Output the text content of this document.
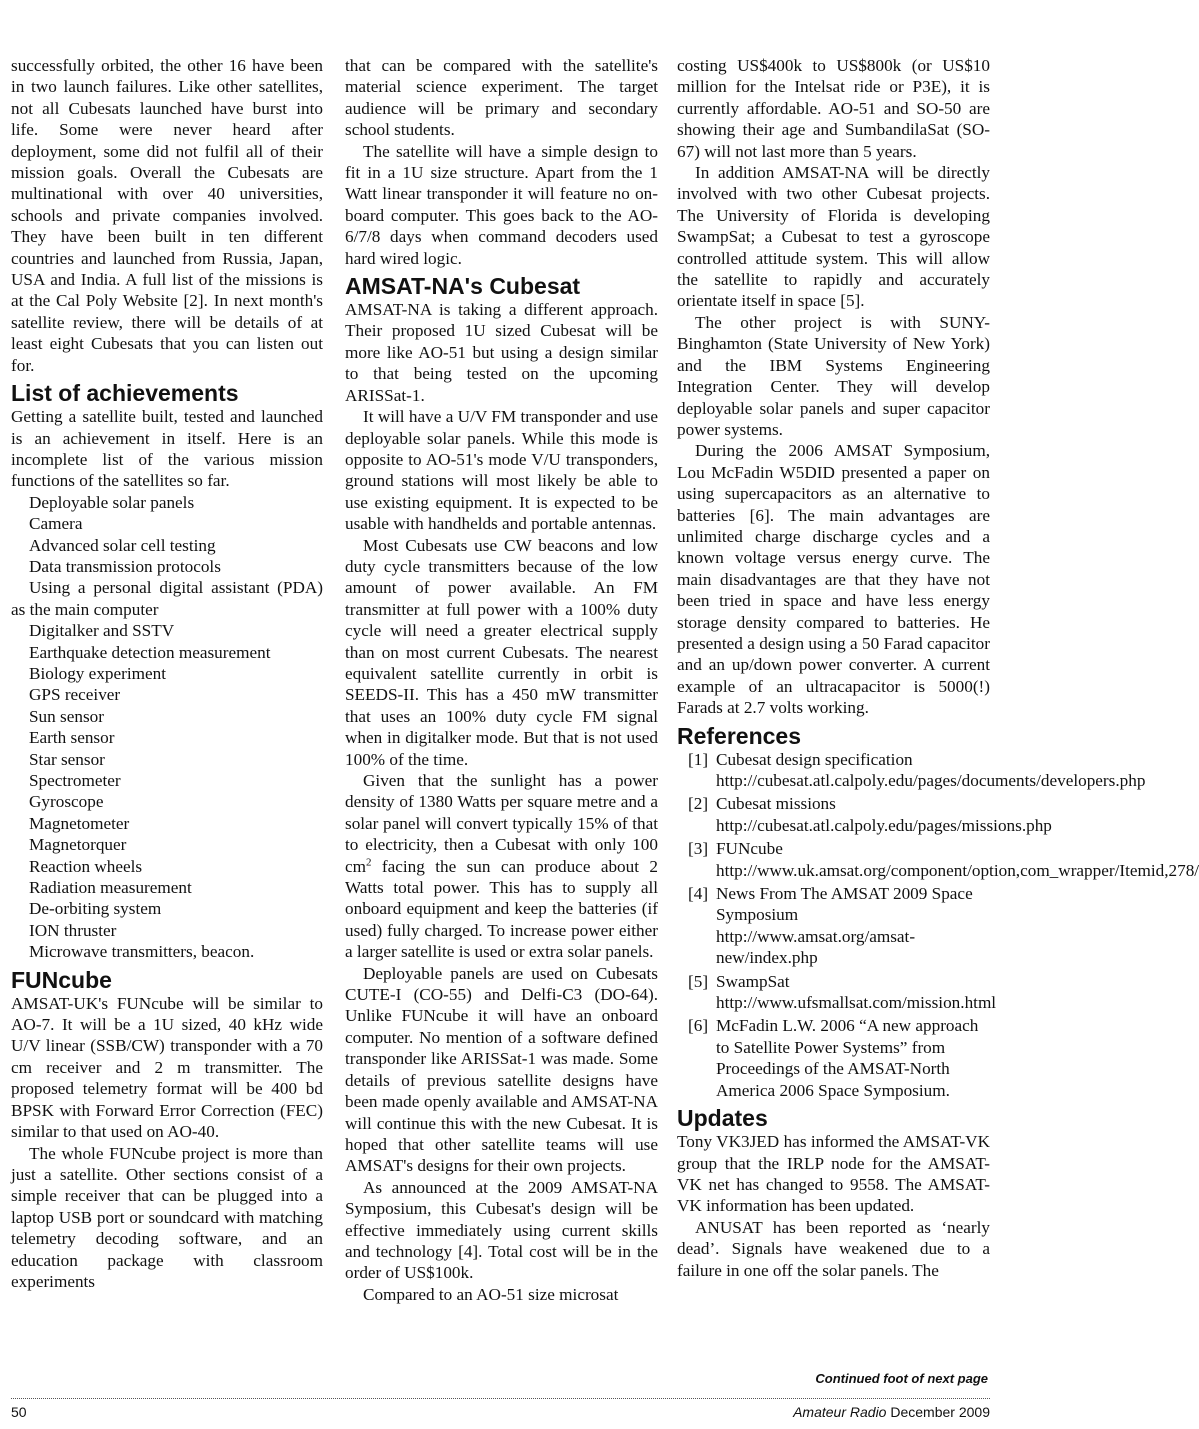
successfully orbited, the other 16 have been in two launch failures. Like other satellites, not all Cubesats launched have burst into life. Some were never heard after deployment, some did not fulfil all of their mission goals. Overall the Cubesats are multinational with over 40 universities, schools and private companies involved. They have been built in ten different countries and launched from Russia, Japan, USA and India. A full list of the missions is at the Cal Poly Website [2]. In next month's satellite review, there will be details of at least eight Cubesats that you can listen out for.

List of achievements

Getting a satellite built, tested and launched is an achievement in itself. Here is an incomplete list of the various mission functions of the satellites so far.

Deployable solar panels
Camera
Advanced solar cell testing
Data transmission protocols
Using a personal digital assistant (PDA) as the main computer
Digitalker and SSTV
Earthquake detection measurement
Biology experiment
GPS receiver
Sun sensor
Earth sensor
Star sensor
Spectrometer
Gyroscope
Magnetometer
Magnetorquer
Reaction wheels
Radiation measurement
De-orbiting system
ION thruster
Microwave transmitters, beacon.
FUNcube

AMSAT-UK's FUNcube will be similar to AO-7. It will be a 1U sized, 40 kHz wide U/V linear (SSB/CW) transponder with a 70 cm receiver and 2 m transmitter. The proposed telemetry format will be 400 bd BPSK with Forward Error Correction (FEC) similar to that used on AO-40.

The whole FUNcube project is more than just a satellite. Other sections consist of a simple receiver that can be plugged into a laptop USB port or soundcard with matching telemetry decoding software, and an education package with classroom experiments

that can be compared with the satellite's material science experiment. The target audience will be primary and secondary school students.

The satellite will have a simple design to fit in a 1U size structure. Apart from the 1 Watt linear transponder it will feature no on-board computer. This goes back to the AO-6/7/8 days when command decoders used hard wired logic.

AMSAT-NA's Cubesat

AMSAT-NA is taking a different approach. Their proposed 1U sized Cubesat will be more like AO-51 but using a design similar to that being tested on the upcoming ARISSat-1.

It will have a U/V FM transponder and use deployable solar panels. While this mode is opposite to AO-51's mode V/U transponders, ground stations will most likely be able to use existing equipment. It is expected to be usable with handhelds and portable antennas.

Most Cubesats use CW beacons and low duty cycle transmitters because of the low amount of power available. An FM transmitter at full power with a 100% duty cycle will need a greater electrical supply than on most current Cubesats. The nearest equivalent satellite currently in orbit is SEEDS-II. This has a 450 mW transmitter that uses an 100% duty cycle FM signal when in digitalker mode. But that is not used 100% of the time.

Given that the sunlight has a power density of 1380 Watts per square metre and a solar panel will convert typically 15% of that to electricity, then a Cubesat with only 100 $cm^2$ facing the sun can produce about 2 Watts total power. This has to supply all onboard equipment and keep the batteries (if used) fully charged. To increase power either a larger satellite is used or extra solar panels.

Deployable panels are used on Cubesats CUTE-I (CO-55) and Delfi-C3 (DO-64). Unlike FUNcube it will have an onboard computer. No mention of a software defined transponder like ARISSat-1 was made. Some details of previous satellite designs have been made openly available and AMSAT-NA will continue this with the new Cubesat. It is hoped that other satellite teams will use AMSAT's designs for their own projects.

As announced at the 2009 AMSAT-NA Symposium, this Cubesat's design will be effective immediately using current skills and technology [4]. Total cost will be in the order of US$100k.

Compared to an AO-51 size microsat

costing US$400k to US$800k (or US$10 million for the Intelsat ride or P3E), it is currently affordable. AO-51 and SO-50 are showing their age and SumbandilaSat (SO-67) will not last more than 5 years.

In addition AMSAT-NA will be directly involved with two other Cubesat projects. The University of Florida is developing SwampSat; a Cubesat to test a gyroscope controlled attitude system. This will allow the satellite to rapidly and accurately orientate itself in space [5].

The other project is with SUNY-Binghamton (State University of New York) and the IBM Systems Engineering Integration Center. They will develop deployable solar panels and super capacitor power systems.

During the 2006 AMSAT Symposium, Lou McFadin W5DID presented a paper on using supercapacitors as an alternative to batteries [6]. The main advantages are unlimited charge discharge cycles and a known voltage versus energy curve. The main disadvantages are that they have not been tried in space and have less energy storage density compared to batteries. He presented a design using a 50 Farad capacitor and an up/down power converter. A current example of an ultracapacitor is 5000(!) Farads at 2.7 volts working.

References
[1] Cubesat design specification http://cubesat.atl.calpoly.edu/pages/documents/developers.php
[2] Cubesat missions http://cubesat.atl.calpoly.edu/pages/missions.php
[3] FUNcube http://www.uk.amsat.org/component/option,com_wrapper/Itemid,278/
[4] News From The AMSAT 2009 Space Symposium http://www.amsat.org/amsat-new/index.php
[5] SwampSat http://www.ufsmallsat.com/mission.html
[6] McFadin L.W. 2006 “A new approach to Satellite Power Systems” from Proceedings of the AMSAT-North America 2006 Space Symposium.
Updates

Tony VK3JED has informed the AMSAT-VK group that the IRLP node for the AMSAT-VK net has changed to 9558. The AMSAT-VK information has been updated.

ANUSAT has been reported as ‘nearly dead’. Signals have weakened due to a failure in one off the solar panels. The

Continued foot of next page
50	Amateur Radio December 2009
